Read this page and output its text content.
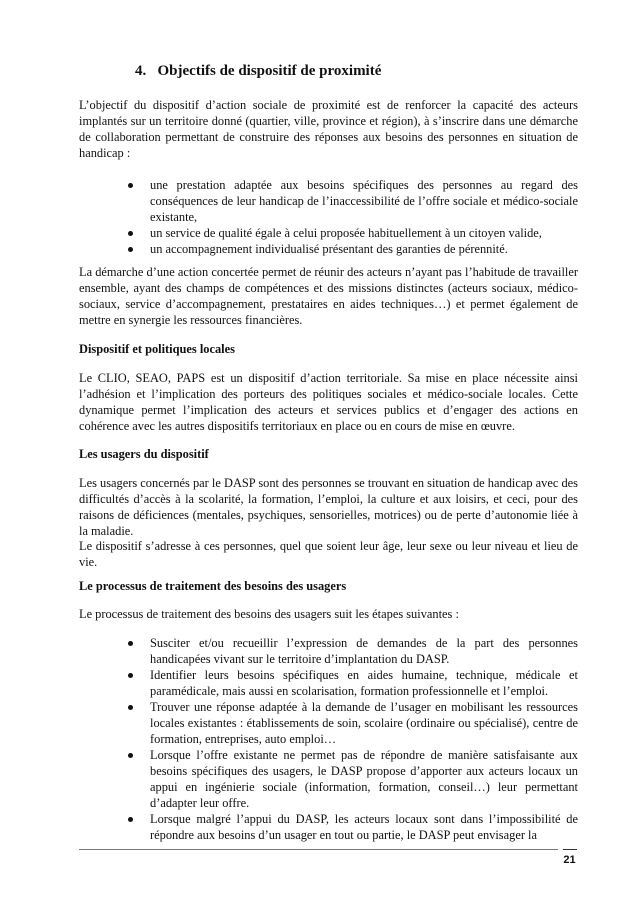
4. Objectifs de dispositif de proximité
L’objectif du dispositif d’action sociale de proximité est de renforcer la capacité des acteurs implantés sur un territoire donné (quartier, ville, province et région), à s’inscrire dans une démarche de collaboration permettant de construire des réponses aux besoins des personnes en situation de handicap :
une prestation adaptée aux besoins spécifiques des personnes au regard des conséquences de leur handicap de l’inaccessibilité de l’offre sociale et médico-sociale existante,
un service de qualité égale à celui proposée habituellement à un citoyen valide,
un accompagnement individualisé présentant des garanties de pérennité.
La démarche d’une action concertée permet de réunir des acteurs n’ayant pas l’habitude de travailler ensemble, ayant des champs de compétences et des missions distinctes (acteurs sociaux, médico-sociaux, service d’accompagnement, prestataires en aides techniques…) et permet également de mettre en synergie les ressources financières.
Dispositif et politiques locales
Le CLIO, SEAO, PAPS est un dispositif d’action territoriale. Sa mise en place nécessite ainsi l’adhésion et l’implication des porteurs des politiques sociales et médico-sociale locales. Cette dynamique permet l’implication des acteurs et services publics et d’engager des actions en cohérence avec les autres dispositifs territoriaux en place ou en cours de mise en œuvre.
Les usagers du dispositif
Les usagers concernés par le DASP sont des personnes se trouvant en situation de handicap avec des difficultés d’accès à la scolarité, la formation, l’emploi, la culture et aux loisirs, et ceci, pour des raisons de déficiences (mentales, psychiques, sensorielles, motrices) ou de perte d’autonomie liée à la maladie.
Le dispositif s’adresse à ces personnes, quel que soient leur âge, leur sexe ou leur niveau et lieu de vie.
Le processus de traitement des besoins des usagers
Le processus de traitement des besoins des usagers suit les étapes suivantes :
Susciter et/ou recueillir l’expression de demandes de la part des personnes handicapées vivant sur le territoire d’implantation du DASP.
Identifier leurs besoins spécifiques en aides humaine, technique, médicale et paramédicale, mais aussi en scolarisation, formation professionnelle et l’emploi.
Trouver une réponse adaptée à la demande de l’usager en mobilisant les ressources locales existantes : établissements de soin, scolaire (ordinaire ou spécialisé), centre de formation, entreprises, auto emploi…
Lorsque l’offre existante ne permet pas de répondre de manière satisfaisante aux besoins spécifiques des usagers, le DASP propose d’apporter aux acteurs locaux un appui en ingénierie sociale (information, formation, conseil…) leur permettant d’adapter leur offre.
Lorsque malgré l’appui du DASP, les acteurs locaux sont dans l’impossibilité de répondre aux besoins d’un usager en tout ou partie, le DASP peut envisager la
21
